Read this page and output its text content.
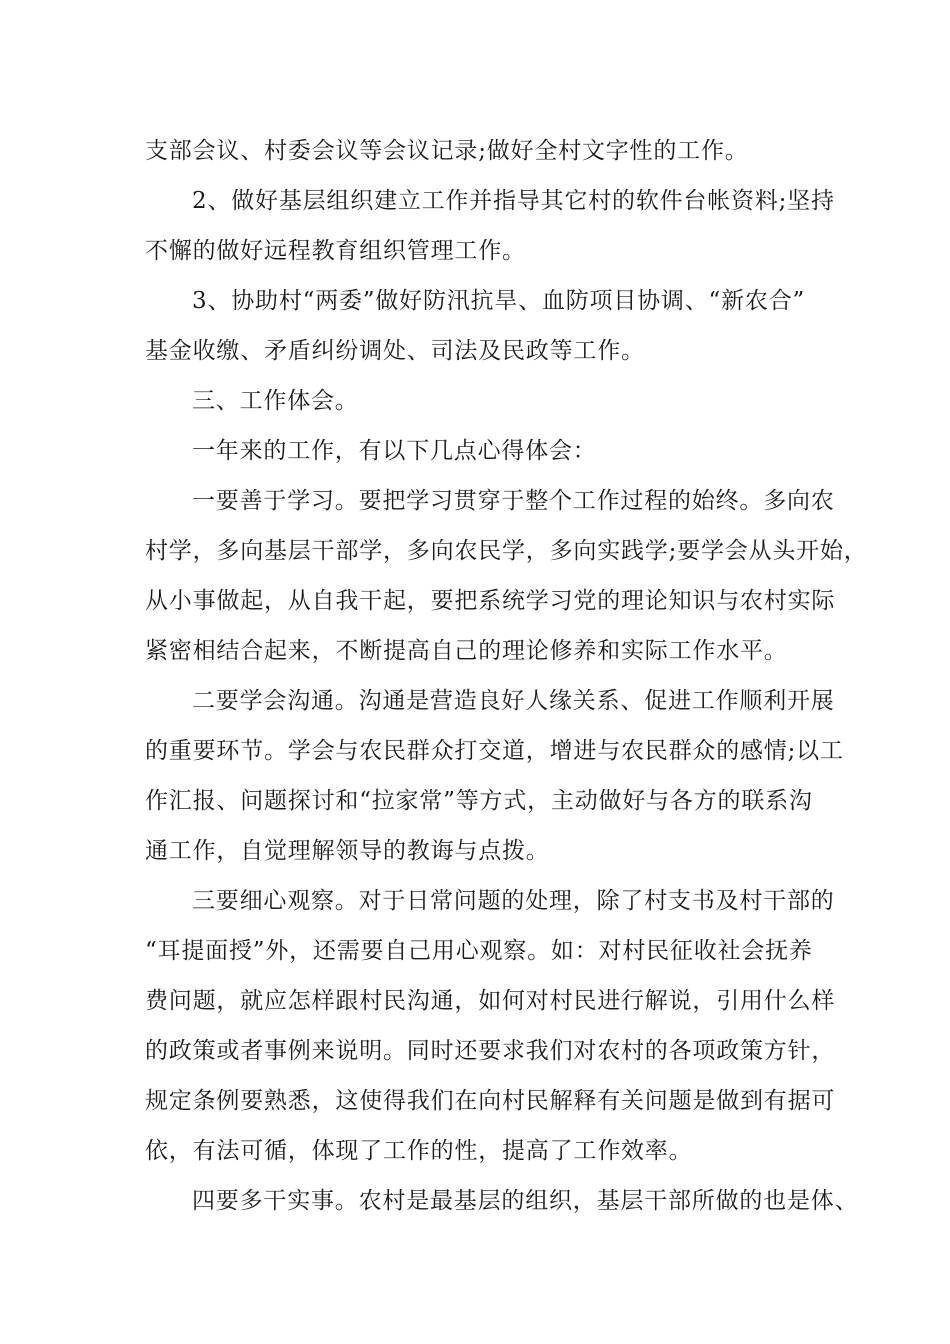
支部会议、村委会议等会议记录;做好全村文字性的工作。
2、做好基层组织建立工作并指导其它村的软件台帐资料;坚持
不懈的做好远程教育组织管理工作。
3、协助村“两委”做好防汛抗旱、血防项目协调、“新农合”
基金收缴、矛盾纠纷调处、司法及民政等工作。
三、工作体会。
一年来的工作，有以下几点心得体会：
一要善于学习。要把学习贯穿于整个工作过程的始终。多向农
村学，多向基层干部学，多向农民学，多向实践学;要学会从头开始，
从小事做起，从自我干起，要把系统学习党的理论知识与农村实际
紧密相结合起来，不断提高自己的理论修养和实际工作水平。
二要学会沟通。沟通是营造良好人缘关系、促进工作顺利开展
的重要环节。学会与农民群众打交道，增进与农民群众的感情;以工
作汇报、问题探讨和“拉家常”等方式，主动做好与各方的联系沟
通工作，自觉理解领导的教诲与点拨。
三要细心观察。对于日常问题的处理，除了村支书及村干部的
“耳提面授”外，还需要自己用心观察。如：对村民征收社会抚养
费问题，就应怎样跟村民沟通，如何对村民进行解说，引用什么样
的政策或者事例来说明。同时还要求我们对农村的各项政策方针，
规定条例要熟悉，这使得我们在向村民解释有关问题是做到有据可
依，有法可循，体现了工作的性，提高了工作效率。
四要多干实事。农村是最基层的组织，基层干部所做的也是体、
